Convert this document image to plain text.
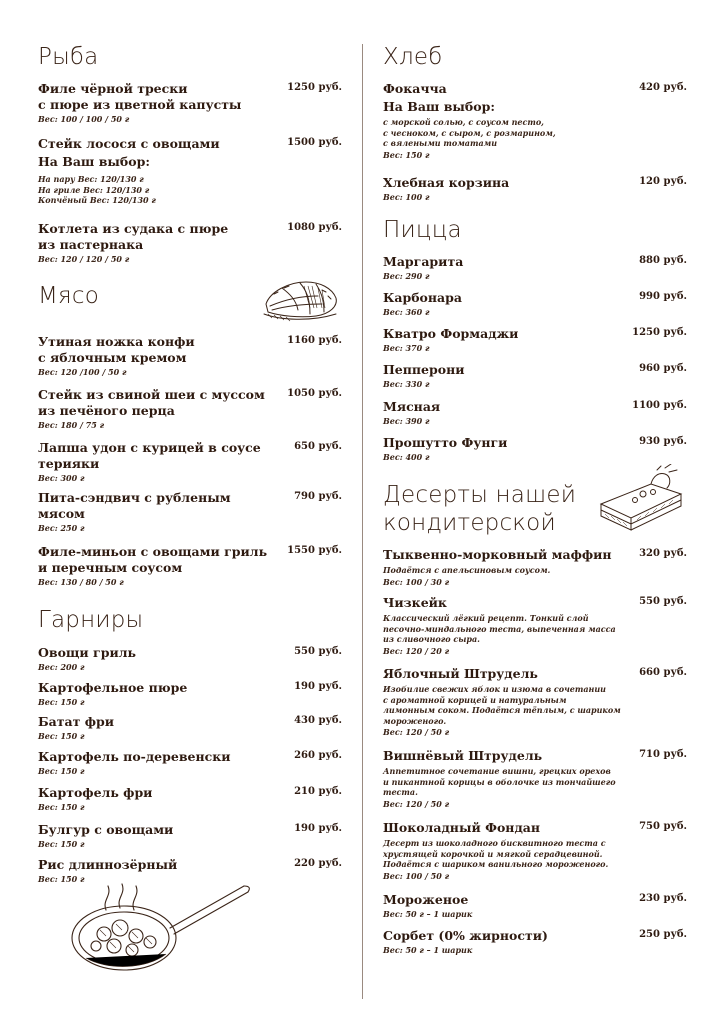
Рыба
Филе чёрной трески
с пюре из цветной капусты
1250 руб.
Вес: 100 / 100 / 50 г
Стейк лосося с овощами	1500 руб.
На Ваш выбор:
На пару Вес: 120/130 г
На гриле Вес: 120/130 г
Копчёный Вес: 120/130 г
Котлета из судака с пюре
из пастернака
1080 руб.
Вес: 120 / 120 / 50 г
Мясо
Утиная ножка конфи
с яблочным кремом
1160 руб.
Вес: 120 /100 / 50 г
Стейк из свиной шеи с муссом
из печёного перца
1050 руб.
Вес: 180 / 75 г
Лапша удон с курицей в соусе
терияки
650 руб.
Вес: 300 г
Пита-сэндвич с рубленым
мясом
790 руб.
Вес: 250 г
Филе-миньон с овощами гриль
и перечным соусом
1550 руб.
Вес: 130 / 80 / 50 г
Гарниры
Овощи гриль	550 руб.
Вес: 200 г
Картофельное пюре	190 руб.
Вес: 150 г
Батат фри	430 руб.
Вес: 150 г
Картофель по-деревенски	260 руб.
Вес: 150 г
Картофель фри	210 руб.
Вес: 150 г
Булгур с овощами	190 руб.
Вес: 150 г
Рис длиннозёрный	220 руб.
Вес: 150 г
Хлеб
Фокачча	420 руб.
На Ваш выбор:
с морской солью, с соусом песто,
с чесноком, с сыром, с розмарином,
с вялеными томатами
Вес: 150 г
Хлебная корзина	120 руб.
Вес: 100 г
Пицца
Маргарита	880 руб.
Вес: 290 г
Карбонара	990 руб.
Вес: 360 г
Кватро Формаджи	1250 руб.
Вес: 370 г
Пепперони	960 руб.
Вес: 330 г
Мясная	1100 руб.
Вес: 390 г
Прошутто Фунги	930 руб.
Вес: 400 г
Десерты нашей
кондитерской
Тыквенно-морковный маффин	320 руб.
Подаётся с апельсиновым соусом.
Вес: 100 / 30 г
Чизкейк	550 руб.
Классический лёгкий рецепт. Тонкий слой
песочно-миндального теста, выпеченная масса
из сливочного сыра.
Вес: 120 / 20 г
Яблочный Штрудель	660 руб.
Изобилие свежих яблок и изюма в сочетании
с ароматной корицей и натуральным
лимонным соком. Подаётся тёплым, с шариком
мороженого.
Вес: 120 / 50 г
Вишнёвый Штрудель	710 руб.
Аппетитное сочетание вишни, грецких орехов
и пикантной корицы в оболочке из тончайшего
теста.
Вес: 120 / 50 г
Шоколадный Фондан	750 руб.
Десерт из шоколадного бисквитного теста с
хрустящей корочкой и мягкой серадцевиной.
Подаётся с шариком ванильного мороженого.
Вес: 100 / 50 г
Мороженое	230 руб.
Вес: 50 г – 1 шарик
Сорбет (0% жирности)	250 руб.
Вес: 50 г – 1 шарик
